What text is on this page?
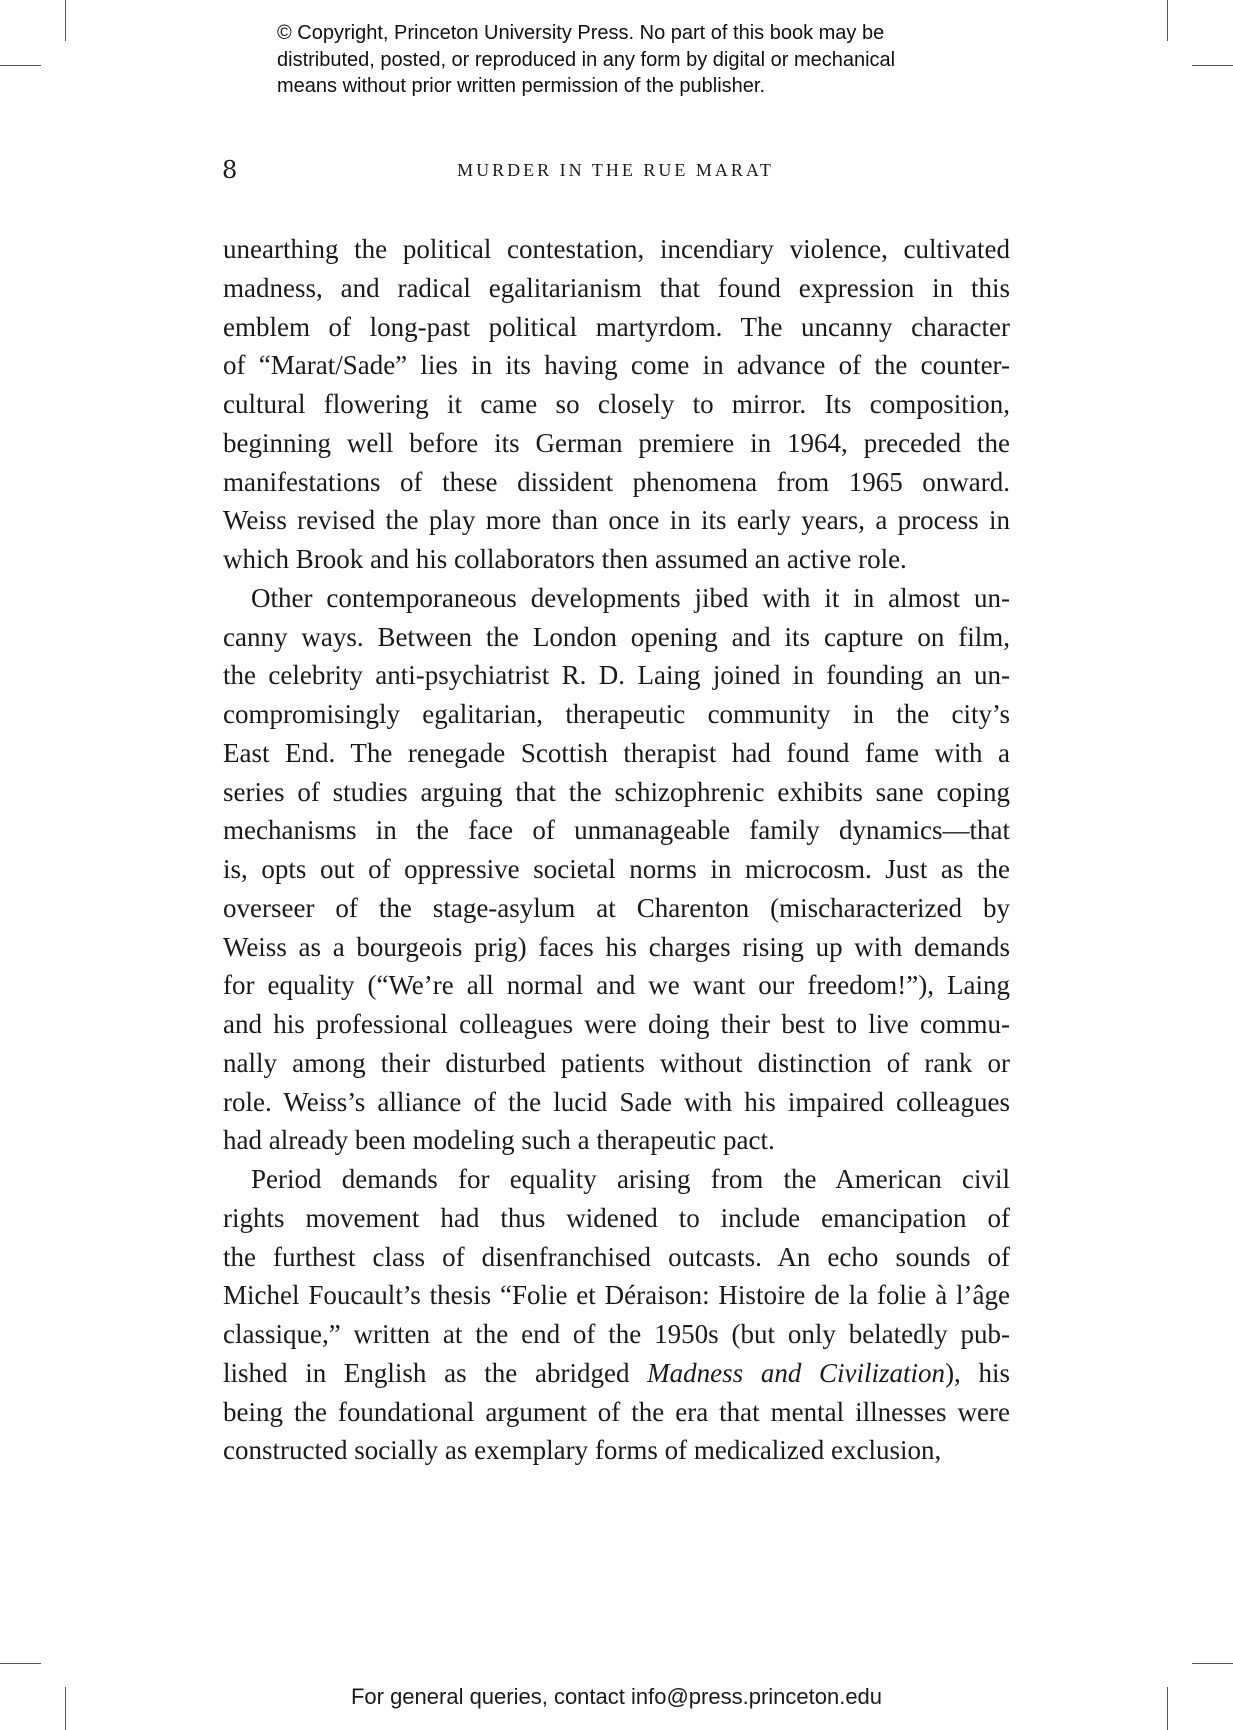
© Copyright, Princeton University Press. No part of this book may be
distributed, posted, or reproduced in any form by digital or mechanical
means without prior written permission of the publisher.
8	MURDER IN THE RUE MARAT
unearthing the political contestation, incendiary violence, cultivated
madness, and radical egalitarianism that found expression in this
emblem of long-past political martyrdom. The uncanny character
of “Marat/Sade” lies in its having come in advance of the counter-
cultural flowering it came so closely to mirror. Its composition,
beginning well before its German premiere in 1964, preceded the
manifestations of these dissident phenomena from 1965 onward.
Weiss revised the play more than once in its early years, a process in
which Brook and his collaborators then assumed an active role.
Other contemporaneous developments jibed with it in almost un-
canny ways. Between the London opening and its capture on film,
the celebrity anti-psychiatrist R. D. Laing joined in founding an un-
compromisingly egalitarian, therapeutic community in the city’s
East End. The renegade Scottish therapist had found fame with a
series of studies arguing that the schizophrenic exhibits sane coping
mechanisms in the face of unmanageable family dynamics—that
is, opts out of oppressive societal norms in microcosm. Just as the
overseer of the stage-asylum at Charenton (mischaracterized by
Weiss as a bourgeois prig) faces his charges rising up with demands
for equality (“We’re all normal and we want our freedom!”), Laing
and his professional colleagues were doing their best to live commu-
nally among their disturbed patients without distinction of rank or
role. Weiss’s alliance of the lucid Sade with his impaired colleagues
had already been modeling such a therapeutic pact.
Period demands for equality arising from the American civil
rights movement had thus widened to include emancipation of
the furthest class of disenfranchised outcasts. An echo sounds of
Michel Foucault’s thesis “Folie et Déraison: Histoire de la folie à l’âge
classique,” written at the end of the 1950s (but only belatedly pub-
lished in English as the abridged Madness and Civilization), his
being the foundational argument of the era that mental illnesses were
constructed socially as exemplary forms of medicalized exclusion,
For general queries, contact info@press.princeton.edu
